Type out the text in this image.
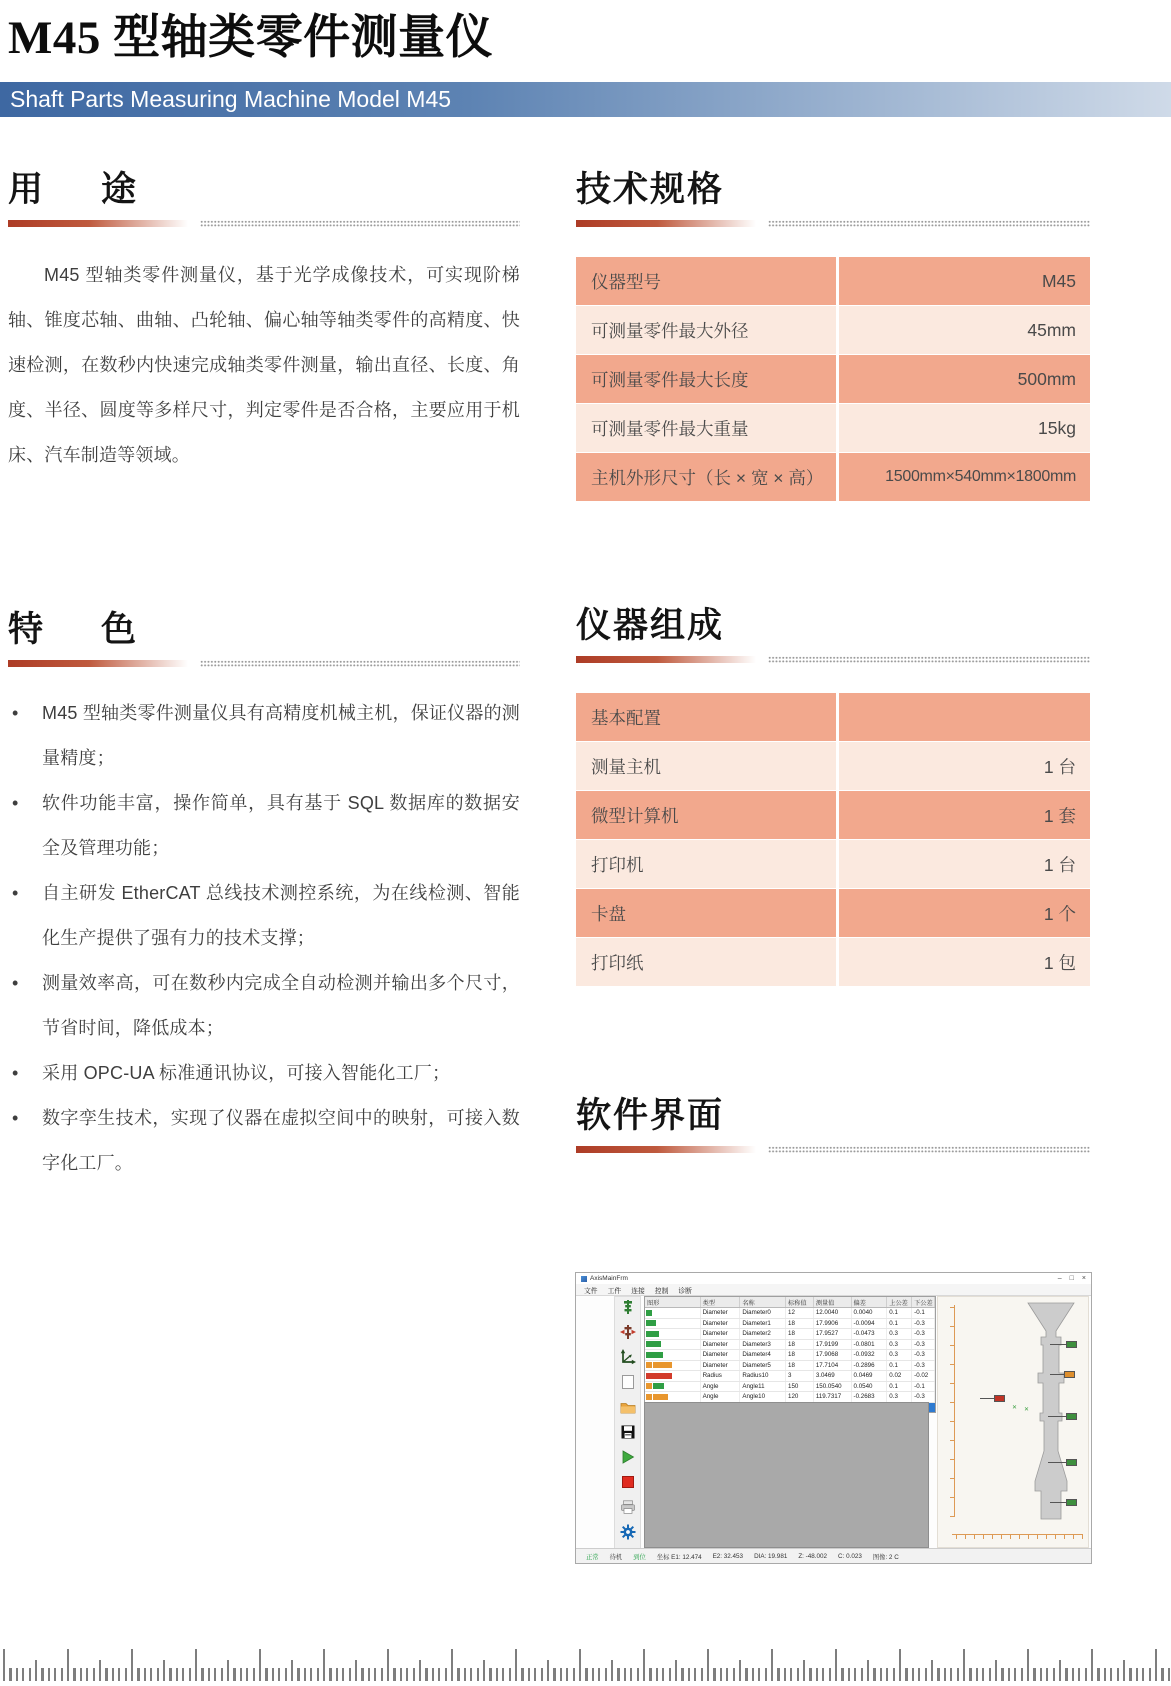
M45 型轴类零件测量仪
Shaft Parts Measuring Machine Model M45
用 途

M45 型轴类零件测量仪，基于光学成像技术，可实现阶梯轴、锥度芯轴、曲轴、凸轮轴、偏心轴等轴类零件的高精度、快速检测，在数秒内快速完成轴类零件测量，输出直径、长度、角度、半径、圆度等多样尺寸，判定零件是否合格，主要应用于机床、汽车制造等领域。

技术规格
仪器型号	M45
可测量零件最大外径	45mm
可测量零件最大长度	500mm
可测量零件最大重量	15kg
主机外形尺寸（长 × 宽 × 高）	1500mm×540mm×1800mm
特 色
• M45 型轴类零件测量仪具有高精度机械主机，保证仪器的测量精度；
• 软件功能丰富，操作简单，具有基于 SQL 数据库的数据安全及管理功能；
• 自主研发 EtherCAT 总线技术测控系统，为在线检测、智能化生产提供了强有力的技术支撑；
• 测量效率高，可在数秒内完成全自动检测并输出多个尺寸，节省时间，降低成本；
• 采用 OPC-UA 标准通讯协议，可接入智能化工厂；
• 数字孪生技术，实现了仪器在虚拟空间中的映射，可接入数字化工厂。
仪器组成
基本配置
测量主机	1 台
微型计算机	1 套
打印机	1 台
卡盘	1 个
打印纸	1 包
软件界面
AxisMainFrm	– □ ×
文件 工件 连接 控制 诊断
图形	类型	名称	标称值	测量值	偏差	上公差	下公差
Diameter	Diameter0	12	12.0040	0.0040	0.1	-0.1
Diameter	Diameter1	18	17.9906	-0.0094	0.1	-0.3
Diameter	Diameter2	18	17.9527	-0.0473	0.3	-0.3
Diameter	Diameter3	18	17.9199	-0.0801	0.3	-0.3
Diameter	Diameter4	18	17.9068	-0.0932	0.3	-0.3
Diameter	Diameter5	18	17.7104	-0.2896	0.1	-0.3
Radius	Radius10	3	3.0469	0.0469	0.02	-0.02
Angle	Angle11	150	150.0540	0.0540	0.1	-0.1
Angle	Angle10	120	119.7317	-0.2683	0.3	-0.3
✕ ✕
正常 待机 到位 坐标 E1: 12.474 E2: 32.453 DIA: 19.981 Z: -48.002 C: 0.023 图像: 2 C
